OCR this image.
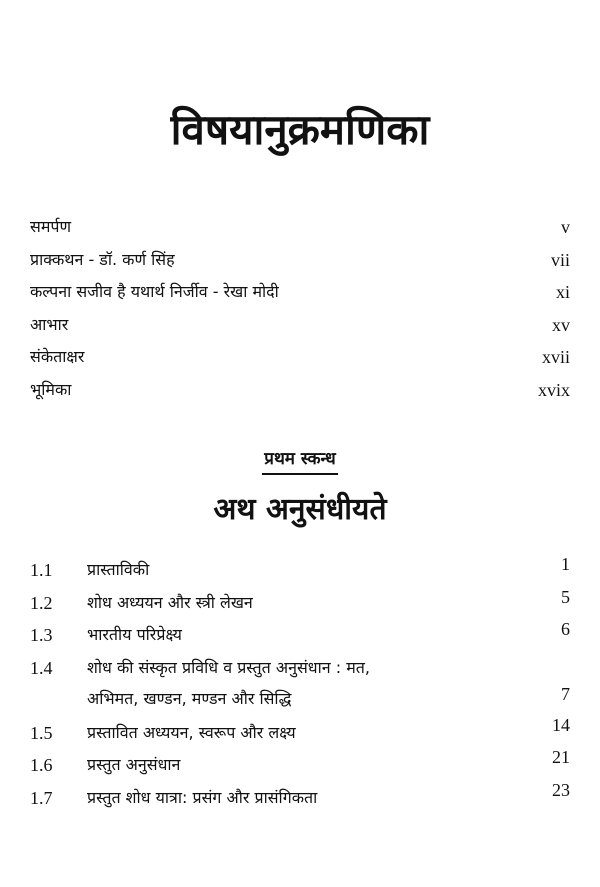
विषयानुक्रमणिका
समर्पण	v
प्राक्कथन - डॉ. कर्ण सिंह	vii
कल्पना सजीव है यथार्थ निर्जीव - रेखा मोदी	xi
आभार	xv
संकेताक्षर	xvii
भूमिका	xvix
प्रथम स्कन्ध
अथ अनुसंधीयते
1.1 प्रास्ताविकी	1
1.2 शोध अध्ययन और स्त्री लेखन	5
1.3 भारतीय परिप्रेक्ष्य	6
1.4 शोध की संस्कृत प्रविधि व प्रस्तुत अनुसंधान : मत,
अभिमत, खण्डन, मण्डन और सिद्धि	7
1.5 प्रस्तावित अध्ययन, स्वरूप और लक्ष्य	14
1.6 प्रस्तुत अनुसंधान	21
1.7 प्रस्तुत शोध यात्रा: प्रसंग और प्रासंगिकता	23
